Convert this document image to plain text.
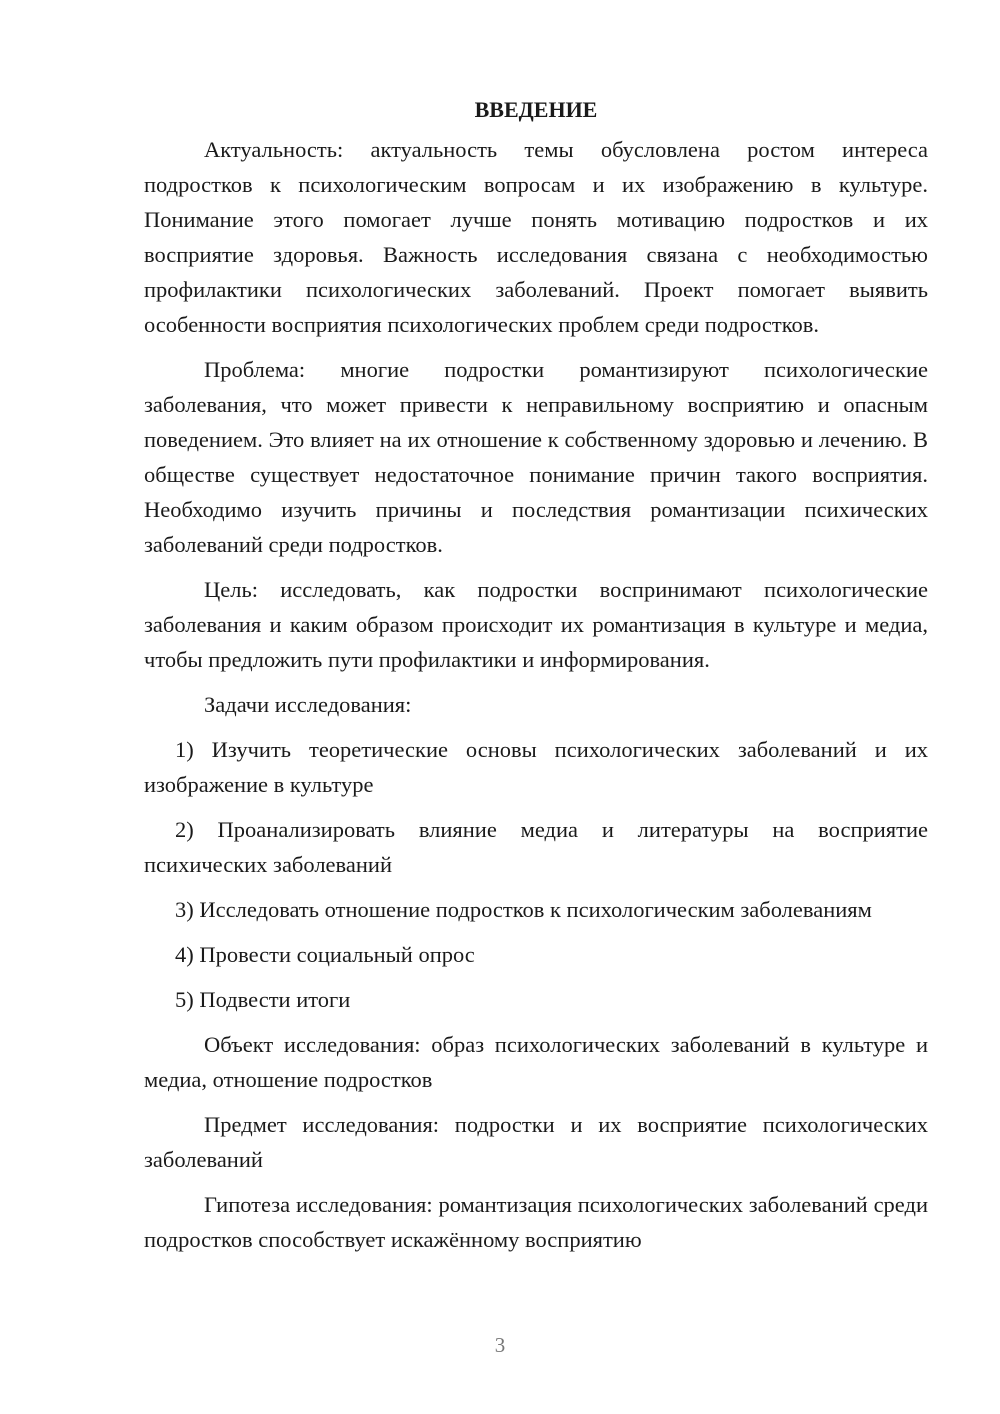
ВВЕДЕНИЕ
Актуальность: актуальность темы обусловлена ростом интереса подростков к психологическим вопросам и их изображению в культуре. Понимание этого помогает лучше понять мотивацию подростков и их восприятие здоровья. Важность исследования связана с необходимостью профилактики психологических заболеваний. Проект помогает выявить особенности восприятия психологических проблем среди подростков.
Проблема: многие подростки романтизируют психологические заболевания, что может привести к неправильному восприятию и опасным поведением. Это влияет на их отношение к собственному здоровью и лечению. В обществе существует недостаточное понимание причин такого восприятия. Необходимо изучить причины и последствия романтизации психических заболеваний среди подростков.
Цель: исследовать, как подростки воспринимают психологические заболевания и каким образом происходит их романтизация в культуре и медиа, чтобы предложить пути профилактики и информирования.
Задачи исследования:
1) Изучить теоретические основы психологических заболеваний и их изображение в культуре
2) Проанализировать влияние медиа и литературы на восприятие психических заболеваний
3) Исследовать отношение подростков к психологическим заболеваниям
4) Провести социальный опрос
5) Подвести итоги
Объект исследования: образ психологических заболеваний в культуре и медиа, отношение подростков
Предмет исследования: подростки и их восприятие психологических заболеваний
Гипотеза исследования: романтизация психологических заболеваний среди подростков способствует искажённому восприятию
3
